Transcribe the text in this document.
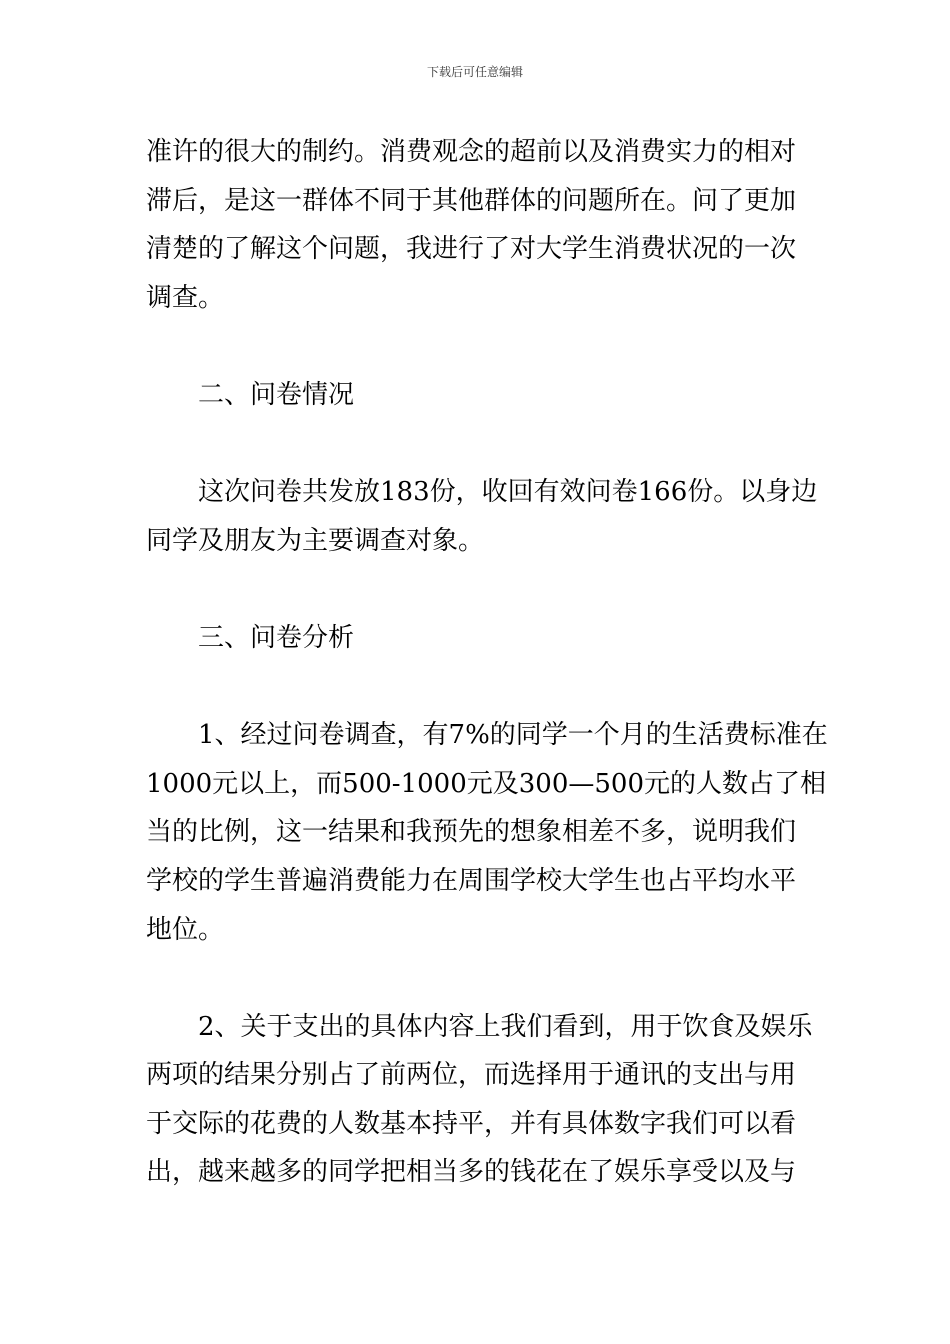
下载后可任意编辑
准许的很大的制约。消费观念的超前以及消费实力的相对
滞后，是这一群体不同于其他群体的问题所在。问了更加
清楚的了解这个问题，我进行了对大学生消费状况的一次
调查。
二、问卷情况
这次问卷共发放183份，收回有效问卷166份。以身边
同学及朋友为主要调查对象。
三、问卷分析
1、经过问卷调查，有7%的同学一个月的生活费标准在
1000元以上，而500-1000元及300—500元的人数占了相
当的比例，这一结果和我预先的想象相差不多，说明我们
学校的学生普遍消费能力在周围学校大学生也占平均水平
地位。
2、关于支出的具体内容上我们看到，用于饮食及娱乐
两项的结果分别占了前两位，而选择用于通讯的支出与用
于交际的花费的人数基本持平，并有具体数字我们可以看
出，越来越多的同学把相当多的钱花在了娱乐享受以及与
